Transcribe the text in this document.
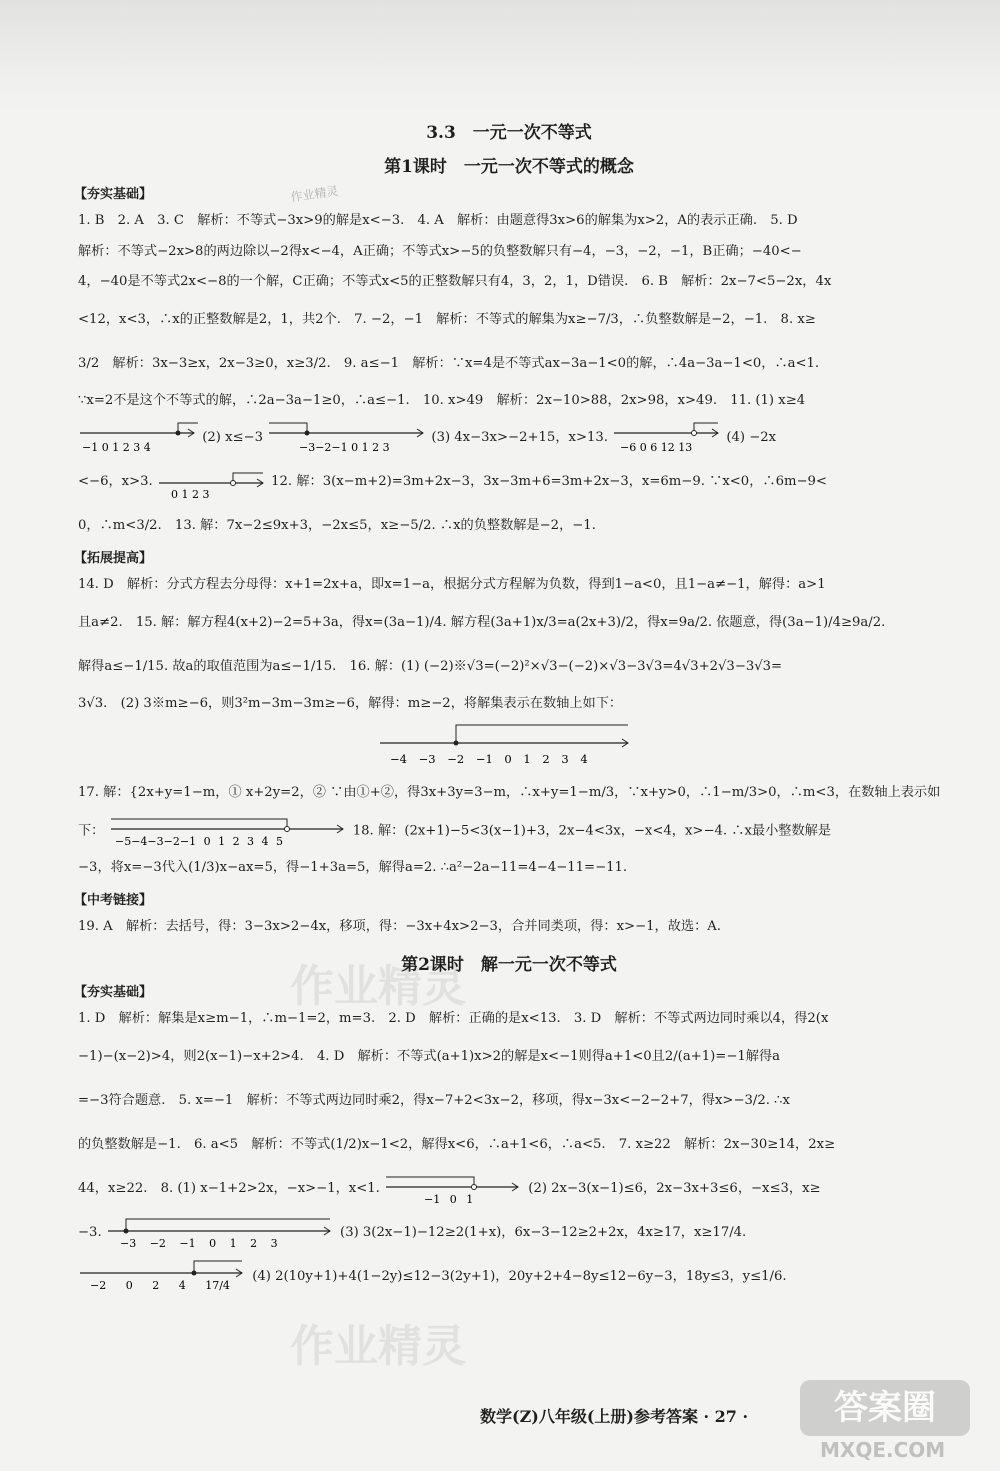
作业精灵
作业精灵
3.3　一元一次不等式
第1课时　一元一次不等式的概念
【夯实基础】
1. B　2. A　3. C　解析：不等式−3x>9的解是x<−3.　4. A　解析：由题意得3x>6的解集为x>2，A的表示正确.　5. D
解析：不等式−2x>8的两边除以−2得x<−4，A正确；不等式x>−5的负整数解只有−4，−3，−2，−1，B正确；−40<−
4，−40是不等式2x<−8的一个解，C正确；不等式x<5的正整数解只有4，3，2，1，D错误.　6. B　解析：2x−7<5−2x，4x
<12，x<3，∴x的正整数解是2，1，共2个.　7. −2，−1　解析：不等式的解集为x≥−7/3，∴负整数解是−2，−1.　8. x≥
3/2　解析：3x−3≥x，2x−3≥0，x≥3/2.　9. a≤−1　解析：∵x=4是不等式ax−3a−1<0的解，∴4a−3a−1<0，∴a<1.
∵x=2不是这个不等式的解，∴2a−3a−1≥0，∴a≤−1.　10. x>49　解析：2x−10>88，2x>98，x>49.　11. (1) x≥4
−1 0 1 2 3 4
(2) x≤−3
−3−2−1 0 1 2 3
(3) 4x−3x>−2+15，x>13.
−6 0 6 12 13
(4) −2x
<−6，x>3.
0 1 2 3
12. 解：3(x−m+2)=3m+2x−3，3x−3m+6=3m+2x−3，x=6m−9. ∵x<0，∴6m−9<
0，∴m<3/2.　13. 解：7x−2≤9x+3，−2x≤5，x≥−5/2. ∴x的负整数解是−2，−1.
【拓展提高】
14. D　解析：分式方程去分母得：x+1=2x+a，即x=1−a，根据分式方程解为负数，得到1−a<0，且1−a≠−1，解得：a>1
且a≠2.　15. 解：解方程4(x+2)−2=5+3a，得x=(3a−1)/4. 解方程(3a+1)x/3=a(2x+3)/2，得x=9a/2. 依题意，得(3a−1)/4≥9a/2.
解得a≤−1/15. 故a的取值范围为a≤−1/15.　16. 解：(1) (−2)※√3=(−2)²×√3−(−2)×√3−3√3=4√3+2√3−3√3=
3√3.　(2) 3※m≥−6，则3²m−3m−3m≥−6，解得：m≥−2，将解集表示在数轴上如下：
−4 −3 −2 −1 0 1 2 3 4
17. 解：{2x+y=1−m，① x+2y=2，② ∵由①+②，得3x+3y=3−m，∴x+y=1−m/3，∵x+y>0，∴1−m/3>0，∴m<3，在数轴上表示如
下：
−5−4−3−2−1 0 1 2 3 4 5
18. 解：(2x+1)−5<3(x−1)+3，2x−4<3x，−x<4，x>−4. ∴x最小整数解是
−3，将x=−3代入(1/3)x−ax=5，得−1+3a=5，解得a=2. ∴a²−2a−11=4−4−11=−11.
【中考链接】
19. A　解析：去括号，得：3−3x>2−4x，移项，得：−3x+4x>2−3，合并同类项，得：x>−1，故选：A.
第2课时　解一元一次不等式
【夯实基础】
1. D　解析：解集是x≥m−1，∴m−1=2，m=3.　2. D　解析：正确的是x<13.　3. D　解析：不等式两边同时乘以4，得2(x
−1)−(x−2)>4，则2(x−1)−x+2>4.　4. D　解析：不等式(a+1)x>2的解是x<−1则得a+1<0且2/(a+1)=−1解得a
=−3符合题意.　5. x=−1　解析：不等式两边同时乘2，得x−7+2<3x−2，移项，得x−3x<−2−2+7，得x>−3/2. ∴x
的负整数解是−1.　6. a<5　解析：不等式(1/2)x−1<2，解得x<6，∴a+1<6，∴a<5.　7. x≥22　解析：2x−30≥14，2x≥
44，x≥22.　8. (1) x−1+2>2x，−x>−1，x<1.
−1 0 1
(2) 2x−3(x−1)≤6，2x−3x+3≤6，−x≤3，x≥
−3.
−3 −2 −1 0 1 2 3
(3) 3(2x−1)−12≥2(1+x)，6x−3−12≥2+2x，4x≥17，x≥17/4.
−2 0 2 4 17/4
(4) 2(10y+1)+4(1−2y)≤12−3(2y+1)，20y+2+4−8y≤12−6y−3，18y≤3，y≤1/6.
作业精灵
数学(Z)八年级(上册)参考答案 · 27 ·	答案圈
MXQE.COM
